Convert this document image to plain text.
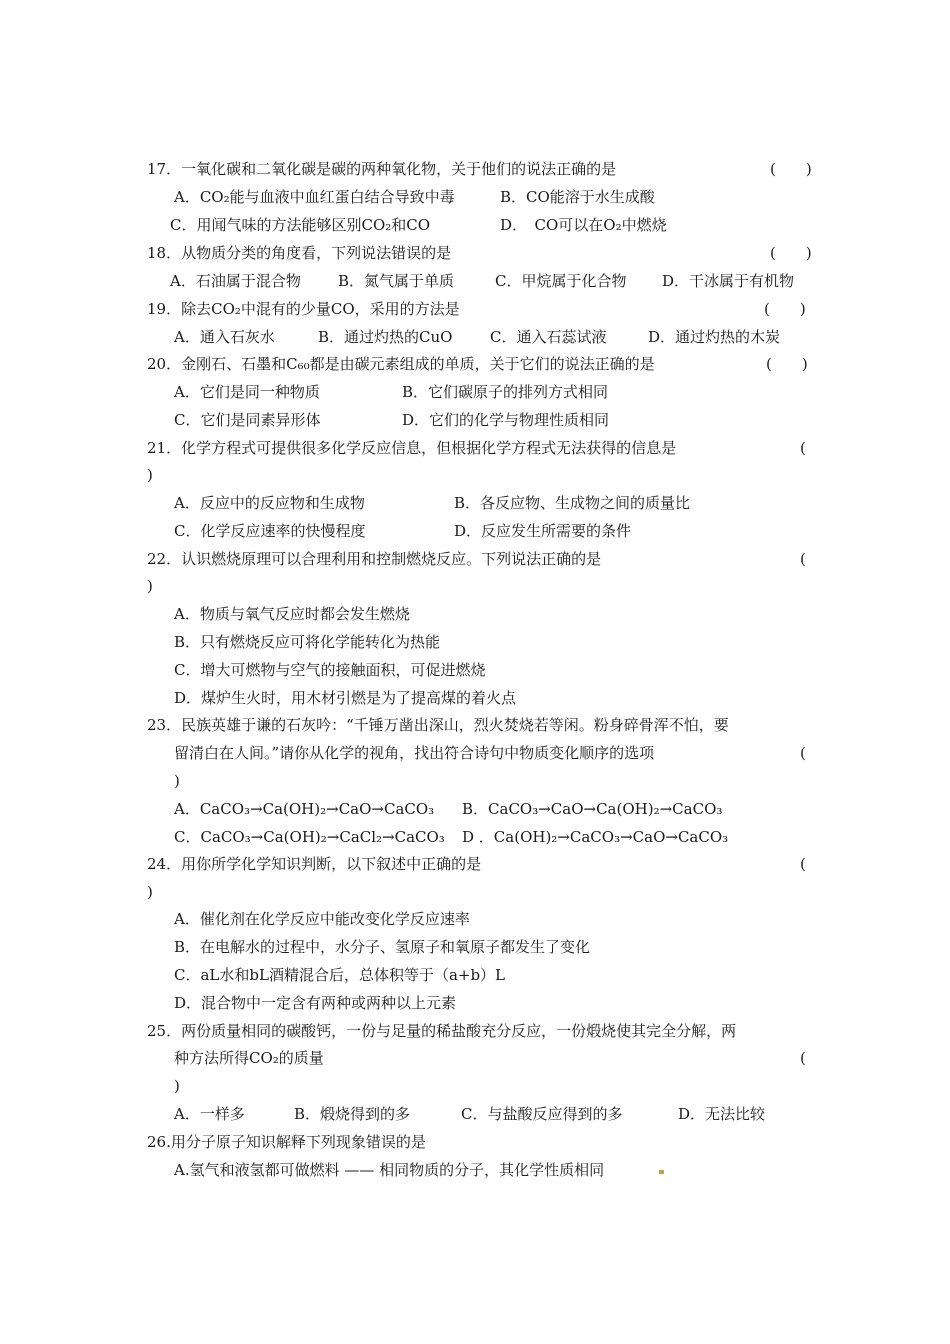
17．一氧化碳和二氧化碳是碳的两种氧化物，关于他们的说法正确的是	(　　)
A．CO₂能与血液中血红蛋白结合导致中毒	B．CO能溶于水生成酸
C．用闻气味的方法能够区别CO₂和CO	D．　CO可以在O₂中燃烧
18．从物质分类的角度看，下列说法错误的是	(　　)
A．石油属于混合物 B．氮气属于单质	C．甲烷属于化合物 D．干冰属于有机物
19．除去CO₂中混有的少量CO，采用的方法是	(　　)
A．通入石灰水	B．通过灼热的CuO	C．通入石蕊试液	D．通过灼热的木炭
20．金刚石、石墨和C₆₀都是由碳元素组成的单质，关于它们的说法正确的是	(　　)
A．它们是同一种物质	B．它们碳原子的排列方式相同
C．它们是同素异形体	D．它们的化学与物理性质相同
21．化学方程式可提供很多化学反应信息，但根据化学方程式无法获得的信息是	(
)
A．反应中的反应物和生成物	B．各反应物、生成物之间的质量比
C．化学反应速率的快慢程度	D．反应发生所需要的条件
22．认识燃烧原理可以合理利用和控制燃烧反应。下列说法正确的是	(
)
A．物质与氧气反应时都会发生燃烧
B．只有燃烧反应可将化学能转化为热能
C．增大可燃物与空气的接触面积，可促进燃烧
D．煤炉生火时，用木材引燃是为了提高煤的着火点
23．民族英雄于谦的石灰吟：“千锤万凿出深山，烈火焚烧若等闲。粉身碎骨浑不怕，要
留清白在人间。”请你从化学的视角，找出符合诗句中物质变化顺序的选项	(
)
A．CaCO₃→Ca(OH)₂→CaO→CaCO₃ B．CaCO₃→CaO→Ca(OH)₂→CaCO₃
C．CaCO₃→Ca(OH)₂→CaCl₂→CaCO₃ D ．Ca(OH)₂→CaCO₃→CaO→CaCO₃
24．用你所学化学知识判断，以下叙述中正确的是	(
)
A．催化剂在化学反应中能改变化学反应速率
B．在电解水的过程中，水分子、氢原子和氧原子都发生了变化
C．aL水和bL酒精混合后，总体积等于（a+b）L
D．混合物中一定含有两种或两种以上元素
25．两份质量相同的碳酸钙，一份与足量的稀盐酸充分反应，一份煅烧使其完全分解，两
种方法所得CO₂的质量	(
)
A．一样多	B．煅烧得到的多	C．与盐酸反应得到的多	D．无法比较
26.用分子原子知识解释下列现象错误的是
A.氢气和液氢都可做燃料 —— 相同物质的分子，其化学性质相同
